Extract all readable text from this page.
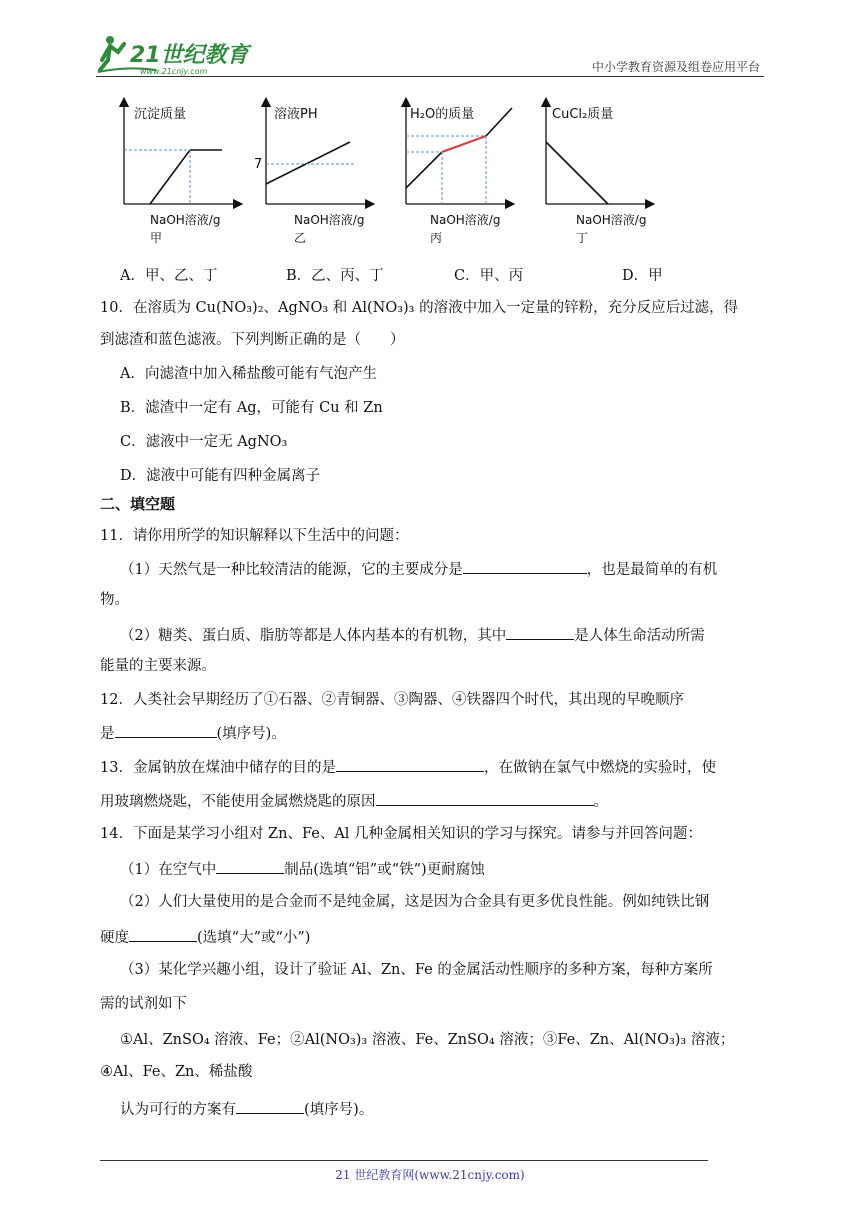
21世纪教育
www.21cnjy.com	中小学教育资源及组卷应用平台
沉淀质量
NaOH溶液/g
甲
7
溶液PH
NaOH溶液/g
乙
H₂O的质量
NaOH溶液/g
丙
CuCl₂质量
NaOH溶液/g
丁
A．甲、乙、丁	B．乙、丙、丁	C．甲、丙	D．甲
10．在溶质为 Cu(NO₃)₂、AgNO₃ 和 Al(NO₃)₃ 的溶液中加入一定量的锌粉，充分反应后过滤，得
到滤渣和蓝色滤液。下列判断正确的是（　　）
A．向滤渣中加入稀盐酸可能有气泡产生
B．滤渣中一定有 Ag，可能有 Cu 和 Zn
C．滤液中一定无 AgNO₃
D．滤液中可能有四种金属离子
二、填空题
11．请你用所学的知识解释以下生活中的问题：
（1）天然气是一种比较清洁的能源，它的主要成分是	，也是最简单的有机
物。
（2）糖类、蛋白质、脂肪等都是人体内基本的有机物，其中	是人体生命活动所需
能量的主要来源。
12．人类社会早期经历了①石器、②青铜器、③陶器、④铁器四个时代，其出现的早晚顺序
是	(填序号)。
13．金属钠放在煤油中储存的目的是	，在做钠在氯气中燃烧的实验时，使
用玻璃燃烧匙，不能使用金属燃烧匙的原因	。
14．下面是某学习小组对 Zn、Fe、Al 几种金属相关知识的学习与探究。请参与并回答问题：
（1）在空气中	制品(选填“铝”或“铁”)更耐腐蚀
（2）人们大量使用的是合金而不是纯金属，这是因为合金具有更多优良性能。例如纯铁比钢
硬度	(选填“大”或“小”)
（3）某化学兴趣小组，设计了验证 Al、Zn、Fe 的金属活动性顺序的多种方案，每种方案所
需的试剂如下
①Al、ZnSO₄ 溶液、Fe；②Al(NO₃)₃ 溶液、Fe、ZnSO₄ 溶液；③Fe、Zn、Al(NO₃)₃ 溶液；
④Al、Fe、Zn、稀盐酸
认为可行的方案有	(填序号)。
21 世纪教育网(www.21cnjy.com)
